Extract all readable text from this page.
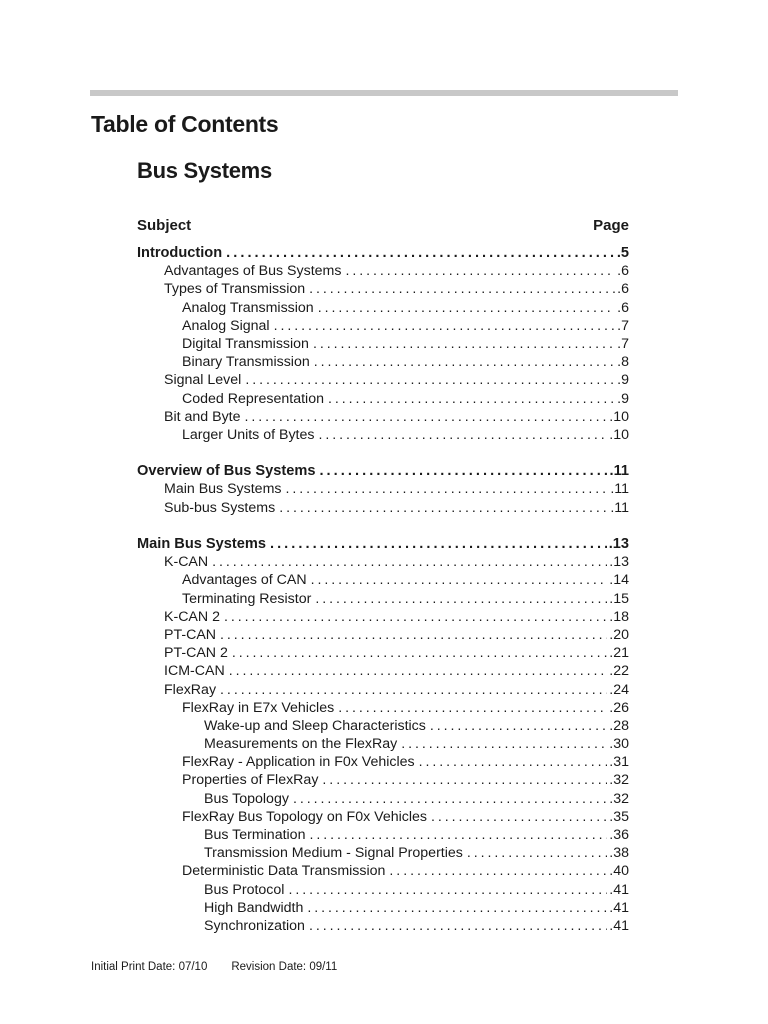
Table of Contents
Bus Systems
Subject	Page
Introduction . . .	. 5
Advantages of Bus Systems . . .	. 6
Types of Transmission . . .	. 6
Analog Transmission . . .	. 6
Analog Signal . . .	. 7
Digital Transmission . . .	. 7
Binary Transmission . . .	. 8
Signal Level . . .	. 9
Coded Representation . . .	. 9
Bit and Byte . . .	. 10
Larger Units of Bytes . . .	. 10
Overview of Bus Systems . . .	. 11
Main Bus Systems . . .	. 11
Sub-bus Systems . . .	. 11
Main Bus Systems . . .	. 13
K-CAN . . .	. 13
Advantages of CAN . . .	. 14
Terminating Resistor . . .	. 15
K-CAN 2 . . .	. 18
PT-CAN . . .	. 20
PT-CAN 2 . . .	. 21
ICM-CAN . . .	. 22
FlexRay . . .	. 24
FlexRay in E7x Vehicles . . .	. 26
Wake-up and Sleep Characteristics . . .	. 28
Measurements on the FlexRay . . .	. 30
FlexRay - Application in F0x Vehicles . . .	. 31
Properties of FlexRay . . .	. 32
Bus Topology . . .	. 32
FlexRay Bus Topology on F0x Vehicles . . .	. 35
Bus Termination . . .	. 36
Transmission Medium - Signal Properties . . .	. 38
Deterministic Data Transmission . . .	. 40
Bus Protocol . . .	. 41
High Bandwidth . . .	. 41
Synchronization . . .	. 41
Initial Print Date: 07/10 Revision Date: 09/11
